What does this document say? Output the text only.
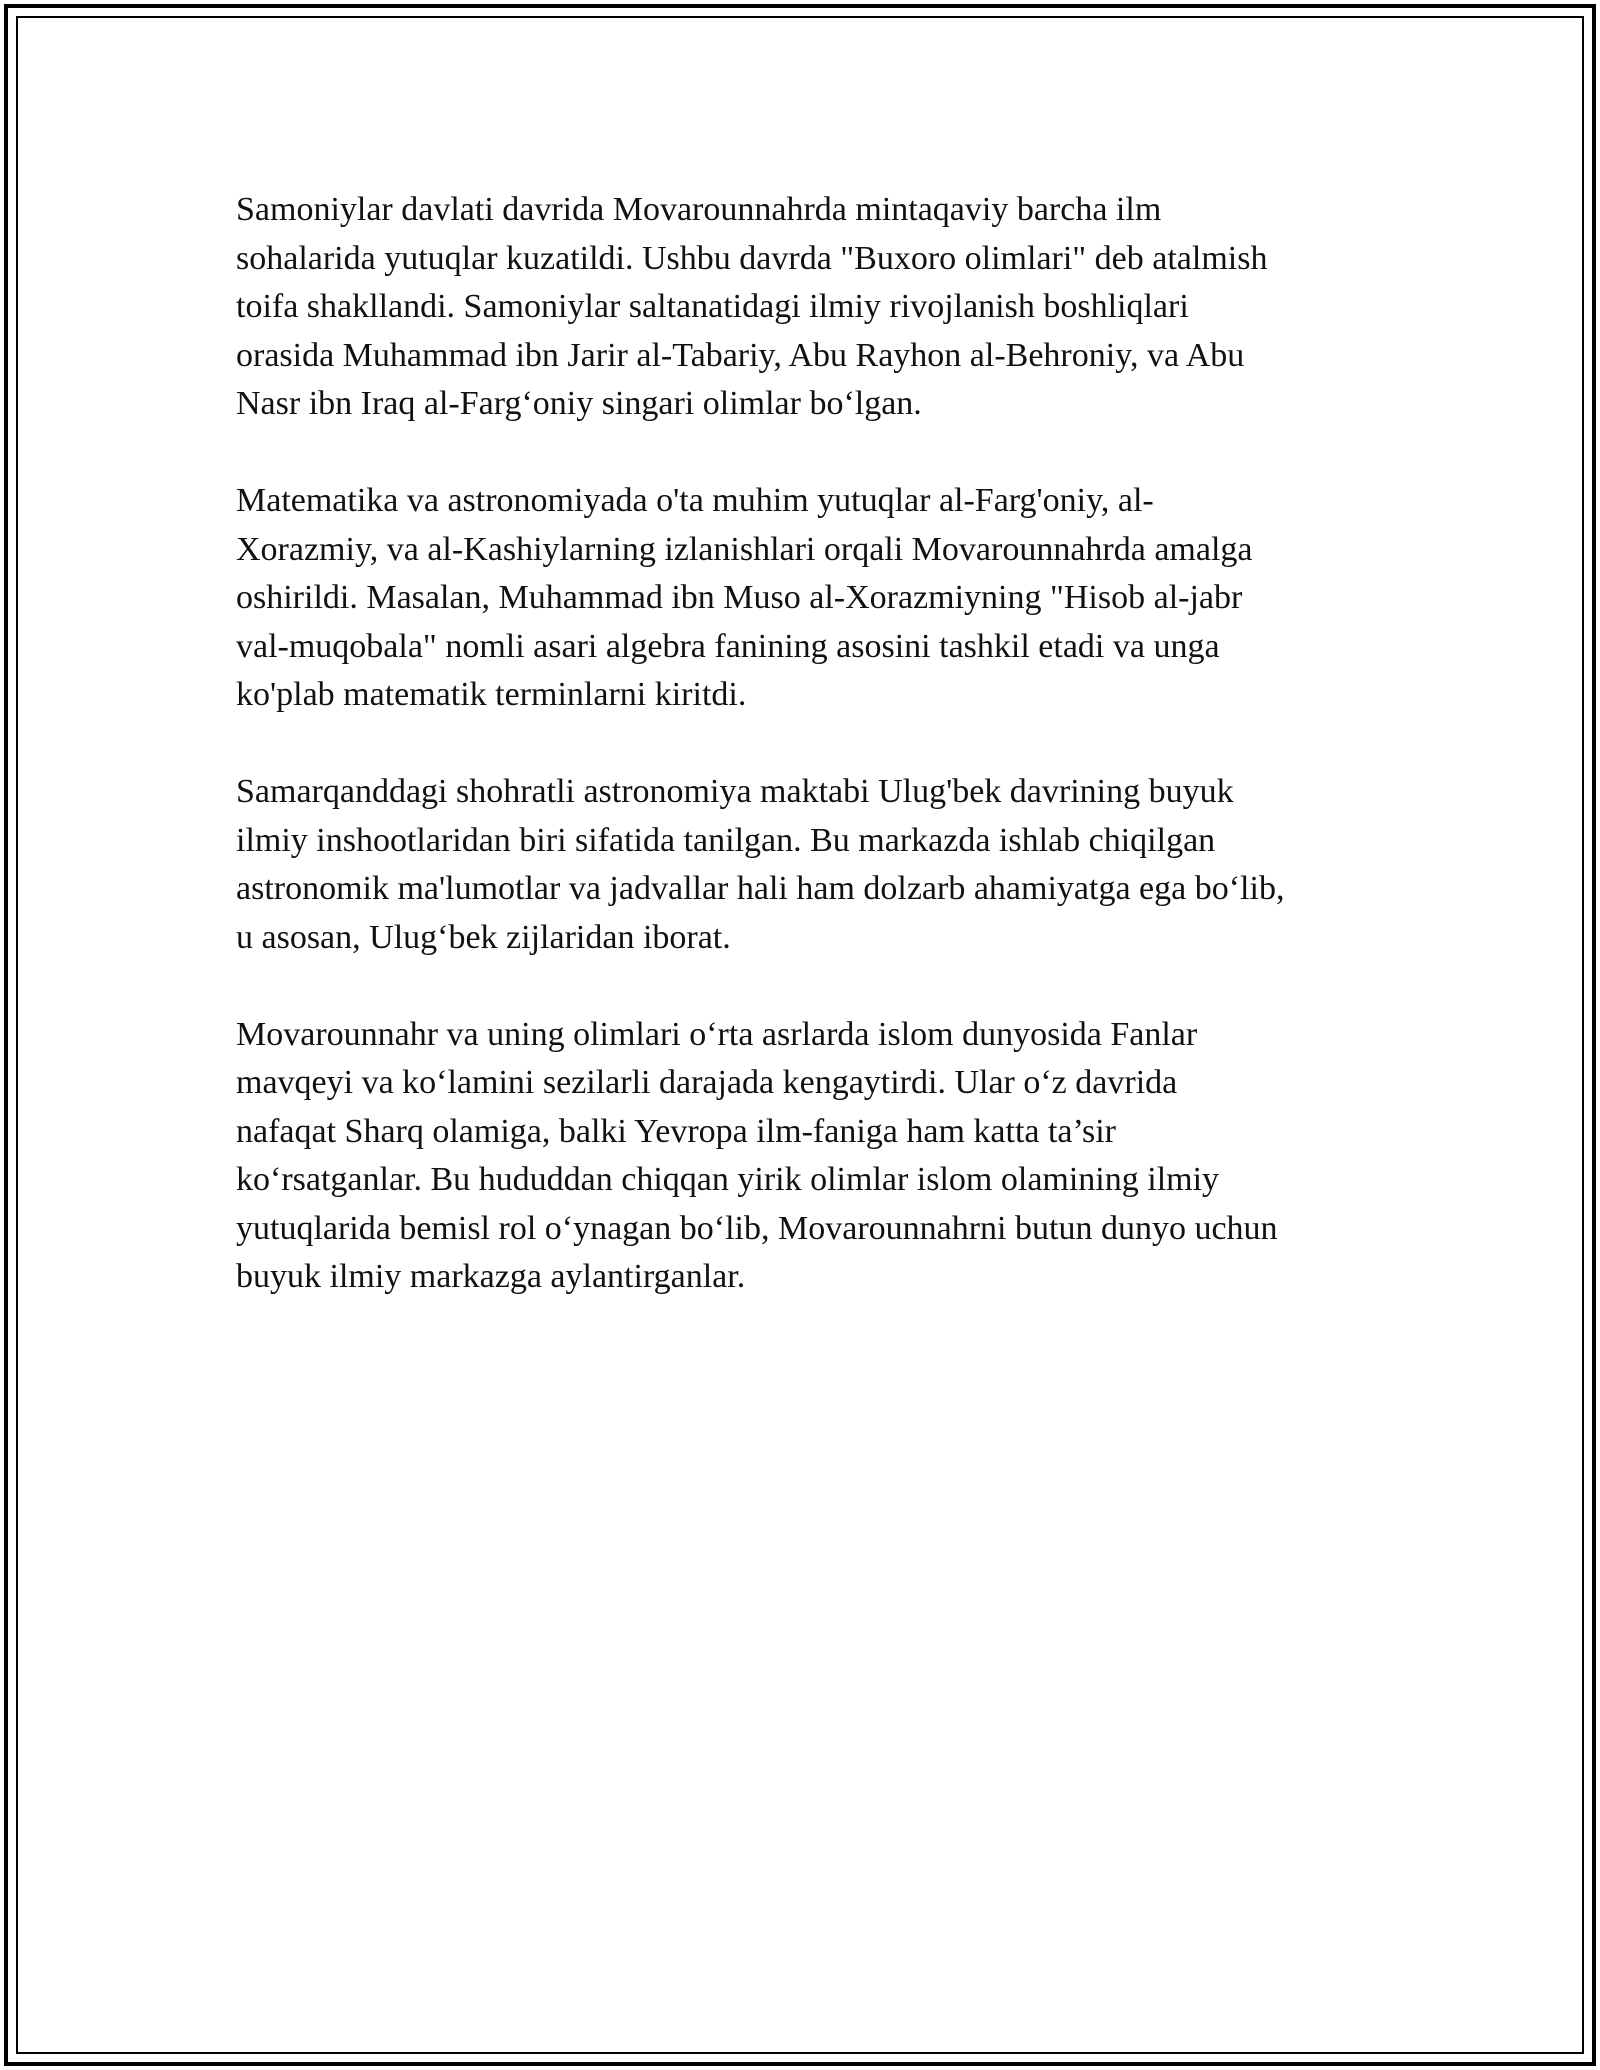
Samoniylar davlati davrida Movarounnahrda mintaqaviy barcha ilm
sohalarida yutuqlar kuzatildi. Ushbu davrda "Buxoro olimlari" deb atalmish
toifa shakllandi. Samoniylar saltanatidagi ilmiy rivojlanish boshliqlari
orasida Muhammad ibn Jarir al-Tabariy, Abu Rayhon al-Behroniy, va Abu
Nasr ibn Iraq al-Farg‘oniy singari olimlar bo‘lgan.

Matematika va astronomiyada o'ta muhim yutuqlar al-Farg'oniy, al-
Xorazmiy, va al-Kashiylarning izlanishlari orqali Movarounnahrda amalga
oshirildi. Masalan, Muhammad ibn Muso al-Xorazmiyning "Hisob al-jabr
val-muqobala" nomli asari algebra fanining asosini tashkil etadi va unga
ko'plab matematik terminlarni kiritdi.

Samarqanddagi shohratli astronomiya maktabi Ulug'bek davrining buyuk
ilmiy inshootlaridan biri sifatida tanilgan. Bu markazda ishlab chiqilgan
astronomik ma'lumotlar va jadvallar hali ham dolzarb ahamiyatga ega bo‘lib,
u asosan, Ulug‘bek zijlaridan iborat.

Movarounnahr va uning olimlari o‘rta asrlarda islom dunyosida Fanlar
mavqeyi va ko‘lamini sezilarli darajada kengaytirdi. Ular o‘z davrida
nafaqat Sharq olamiga, balki Yevropa ilm-faniga ham katta ta’sir
ko‘rsatganlar. Bu hududdan chiqqan yirik olimlar islom olamining ilmiy
yutuqlarida bemisl rol o‘ynagan bo‘lib, Movarounnahrni butun dunyo uchun
buyuk ilmiy markazga aylantirganlar.
